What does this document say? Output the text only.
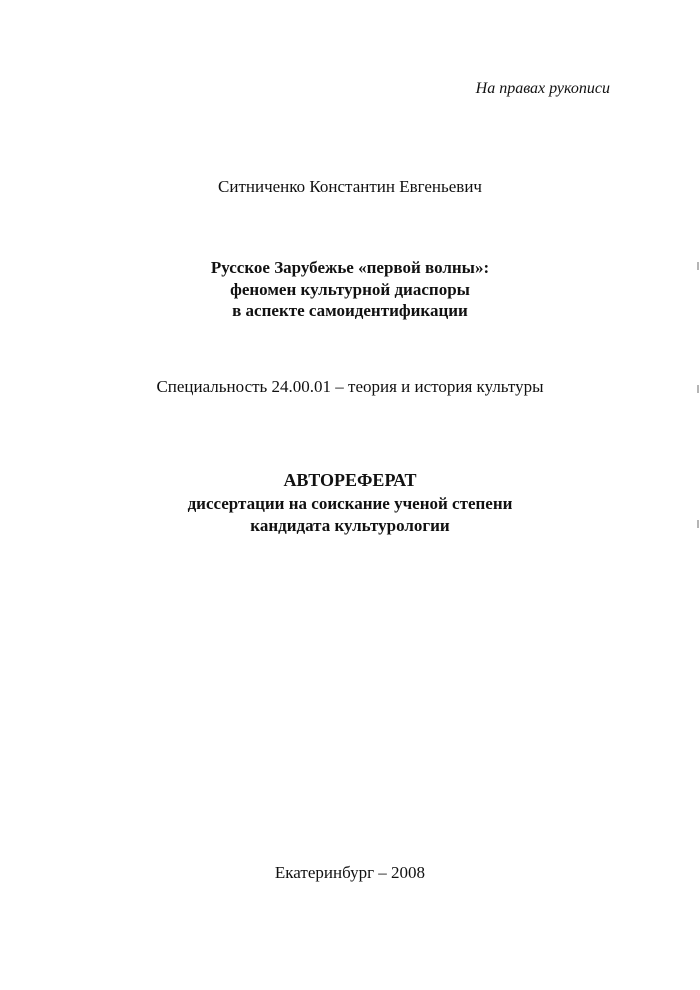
На правах рукописи
Ситниченко Константин Евгеньевич
Русское Зарубежье «первой волны»:
феномен культурной диаспоры
в аспекте самоидентификации
Специальность 24.00.01 – теория и история культуры
АВТОРЕФЕРАТ
диссертации на соискание ученой степени
кандидата культурологии
Екатеринбург – 2008
